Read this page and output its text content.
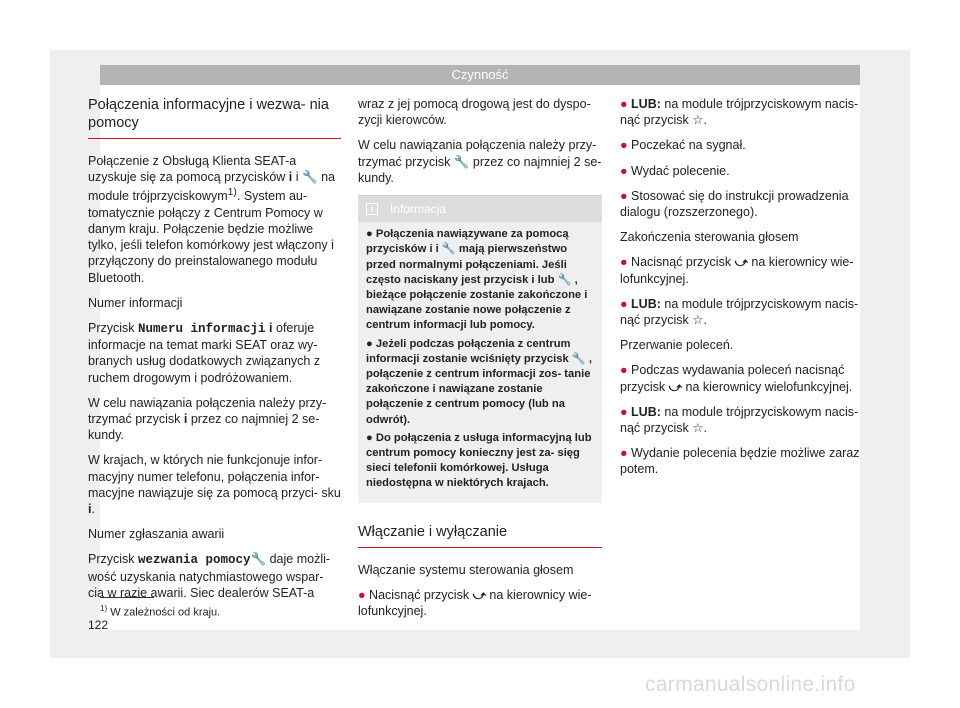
Czynność
Połączenia informacyjne i wezwa- nia pomocy

Połączenie z Obsługą Klienta SEAT-a uzyskuje się za pomocą przycisków i i 🔧 na module trójprzyciskowym$^{1)}$. System au- tomatycznie połączy z Centrum Pomocy w danym kraju. Połączenie będzie możliwe tylko, jeśli telefon komórkowy jest włączony i przyłączony do preinstalowanego modułu Bluetooth.

Numer informacji

Przycisk Numeru informacji i oferuje informacje na temat marki SEAT oraz wy- branych usług dodatkowych związanych z ruchem drogowym i podróżowaniem.

W celu nawiązania połączenia należy przy- trzymać przycisk i przez co najmniej 2 se- kundy.

W krajach, w których nie funkcjonuje infor- macyjny numer telefonu, połączenia infor- macyjne nawiązuje się za pomocą przyci- sku i.

Numer zgłaszania awarii

Przycisk wezwania pomocy🔧 daje możli- wość uzyskania natychmiastowego wspar- cia w razie awarii. Siec dealerów SEAT-a

wraz z jej pomocą drogową jest do dyspo- zycji kierowców.

W celu nawiązania połączenia należy przy- trzymać przycisk 🔧 przez co najmniej 2 se- kundy.

i	Informacja

● Połączenia nawiązywane za pomocą przycisków i i 🔧 mają pierwszeństwo przed normalnymi połączeniami. Jeśli często naciskany jest przycisk i lub 🔧 , bieżące połączenie zostanie zakończone i nawiązane zostanie nowe połączenie z centrum informacji lub pomocy.

● Jeżeli podczas połączenia z centrum informacji zostanie wciśnięty przycisk 🔧 , połączenie z centrum informacji zos- tanie zakończone i nawiązane zostanie połączenie z centrum pomocy (lub na odwrót).

● Do połączenia z usługa informacyjną lub centrum pomocy konieczny jest za- sięg sieci telefonii komórkowej. Usługa niedostępna w niektórych krajach.

Włączanie i wyłączanie

Włączanie systemu sterowania głosem

● Nacisnąć przycisk ⤻ na kierownicy wie- lofunkcyjnej.

● LUB: na module trójprzyciskowym nacis- nąć przycisk ☆.

● Poczekać na sygnał.

● Wydać polecenie.

● Stosować się do instrukcji prowadzenia dialogu (rozszerzonego).

Zakończenia sterowania głosem

● Nacisnąć przycisk ⤻ na kierownicy wie- lofunkcyjnej.

● LUB: na module trójprzyciskowym nacis- nąć przycisk ☆.

Przerwanie poleceń.

● Podczas wydawania poleceń nacisnąć przycisk ⤻ na kierownicy wielofunkcyjnej.

● LUB: na module trójprzyciskowym nacis- nąć przycisk ☆.

● Wydanie polecenia będzie możliwe zaraz potem.

$^{1)}$ W zależności od kraju.
122
carmanualsonline.info
